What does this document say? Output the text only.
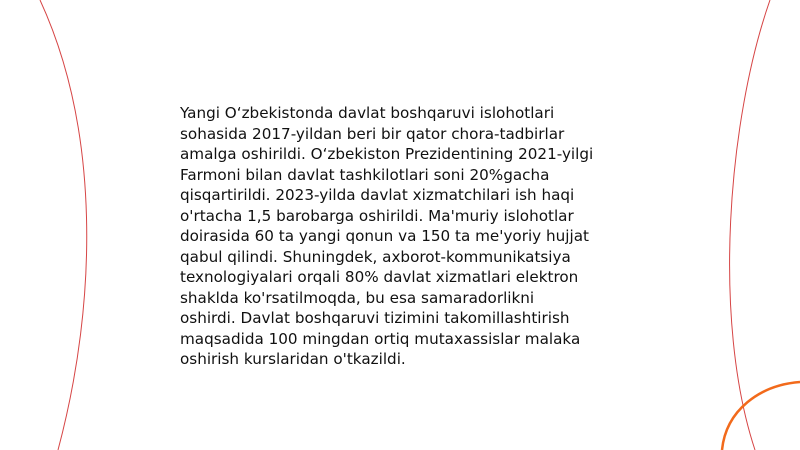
Yangi O‘zbekistonda davlat boshqaruvi islohotlari
sohasida 2017-yildan beri bir qator chora-tadbirlar
amalga oshirildi. O‘zbekiston Prezidentining 2021-yilgi
Farmoni bilan davlat tashkilotlari soni 20%gacha
qisqartirildi. 2023-yilda davlat xizmatchilari ish haqi
o'rtacha 1,5 barobarga oshirildi. Ma'muriy islohotlar
doirasida 60 ta yangi qonun va 150 ta me'yoriy hujjat
qabul qilindi. Shuningdek, axborot-kommunikatsiya
texnologiyalari orqali 80% davlat xizmatlari elektron
shaklda ko'rsatilmoqda, bu esa samaradorlikni
oshirdi. Davlat boshqaruvi tizimini takomillashtirish
maqsadida 100 mingdan ortiq mutaxassislar malaka
oshirish kurslaridan o'tkazildi.
